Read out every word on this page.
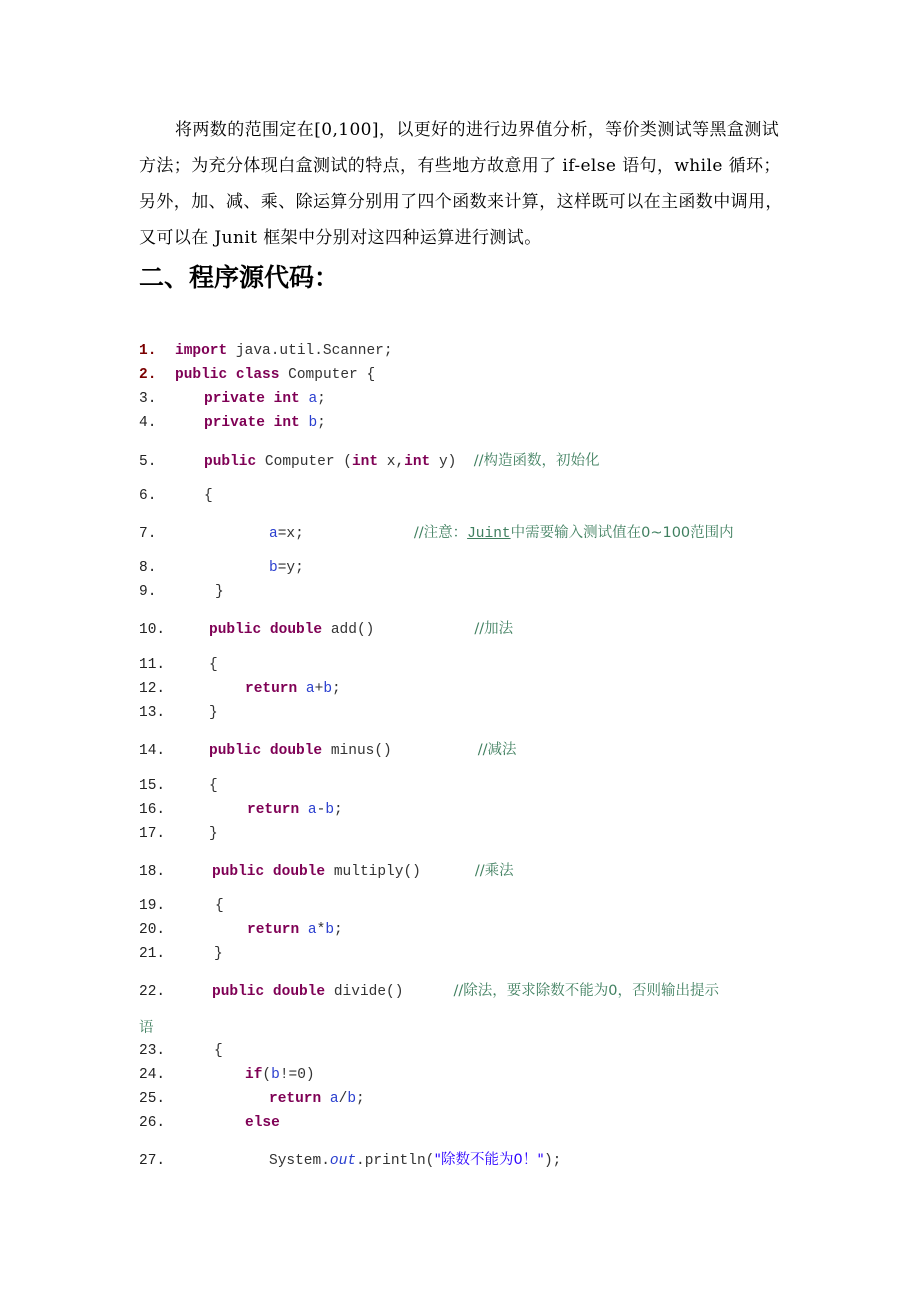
将两数的范围定在[0,100]，以更好的进行边界值分析，等价类测试等黑盒测试方法；为充分体现白盒测试的特点，有些地方故意用了 if-else 语句，while 循环；另外，加、减、乘、除运算分别用了四个函数来计算，这样既可以在主函数中调用，又可以在 Junit 框架中分别对这四种运算进行测试。

二、程序源代码：
1. import java.util.Scanner;
2. public class Computer {
3.	private int a;
4.	private int b;
5.	public Computer (int x,int y)  //构造函数，初始化
6.	{
7.	a=x;	//注意：Juint中需要输入测试值在0~100范围内
8.	b=y;
9.	}
10.	public double add()	//加法
11.	{
12.	return a+b;
13.	}
14.	public double minus()	//减法
15.	{
16.	return a-b;
17.	}
18.	public double multiply()	//乘法
19.	{
20.	return a*b;
21.	}
22.	public double divide()	//除法，要求除数不能为0，否则输出提示
语
23.	{
24.	if(b!=0)
25.	return a/b;
26.	else
27.	System.out.println("除数不能为0！");
